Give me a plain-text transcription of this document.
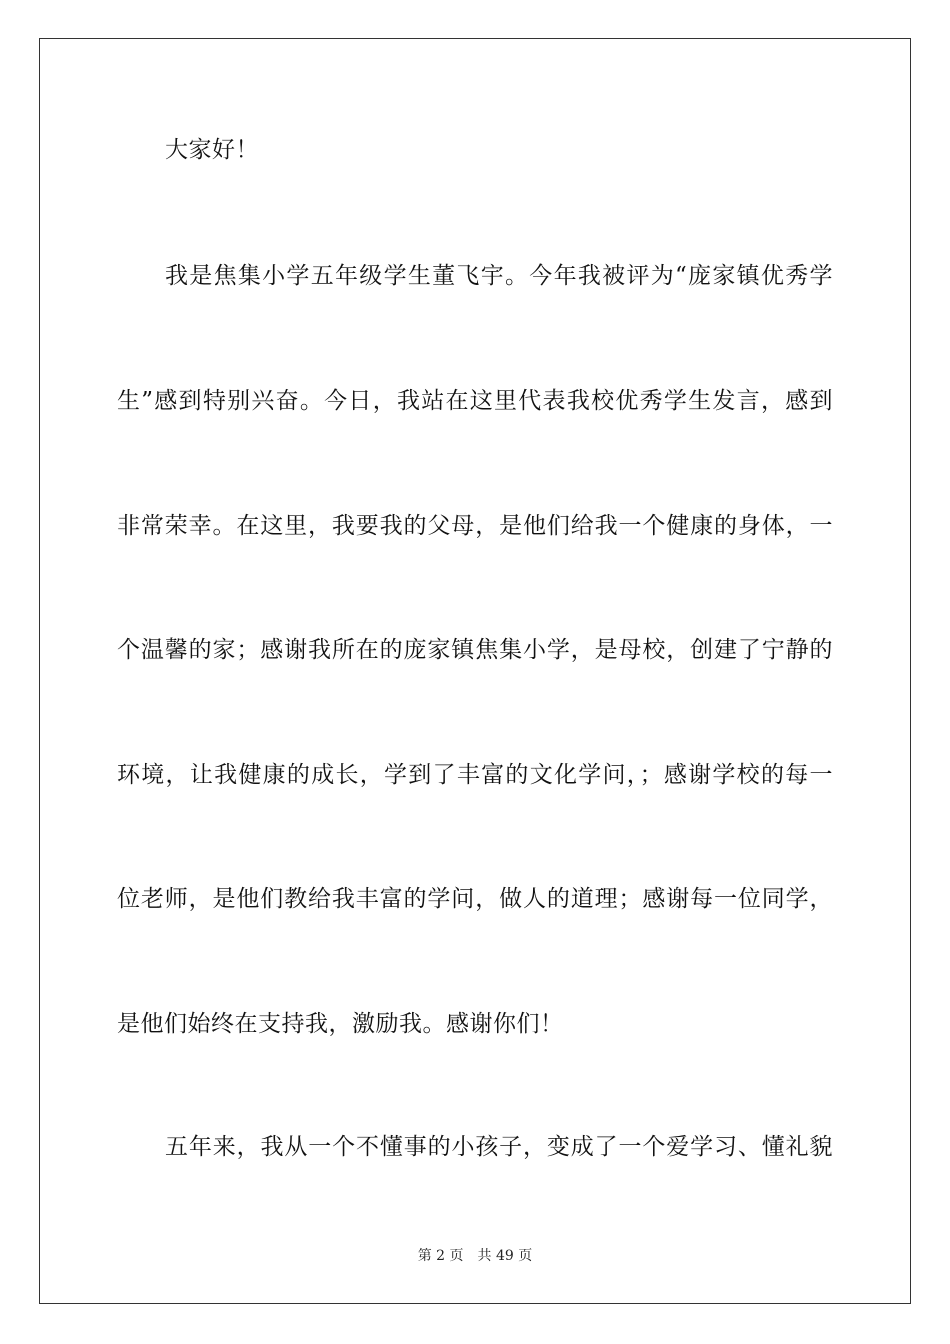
大家好！
我是焦集小学五年级学生董飞宇。今年我被评为“庞家镇优秀学
生”感到特别兴奋。今日，我站在这里代表我校优秀学生发言，感到
非常荣幸。在这里，我要我的父母，是他们给我一个健康的身体，一
个温馨的家；感谢我所在的庞家镇焦集小学，是母校，创建了宁静的
环境，让我健康的成长，学到了丰富的文化学问，；感谢学校的每一
位老师，是他们教给我丰富的学问，做人的道理；感谢每一位同学，
是他们始终在支持我，激励我。感谢你们！
五年来，我从一个不懂事的小孩子，变成了一个爱学习、懂礼貌
第 2 页 共 49 页
